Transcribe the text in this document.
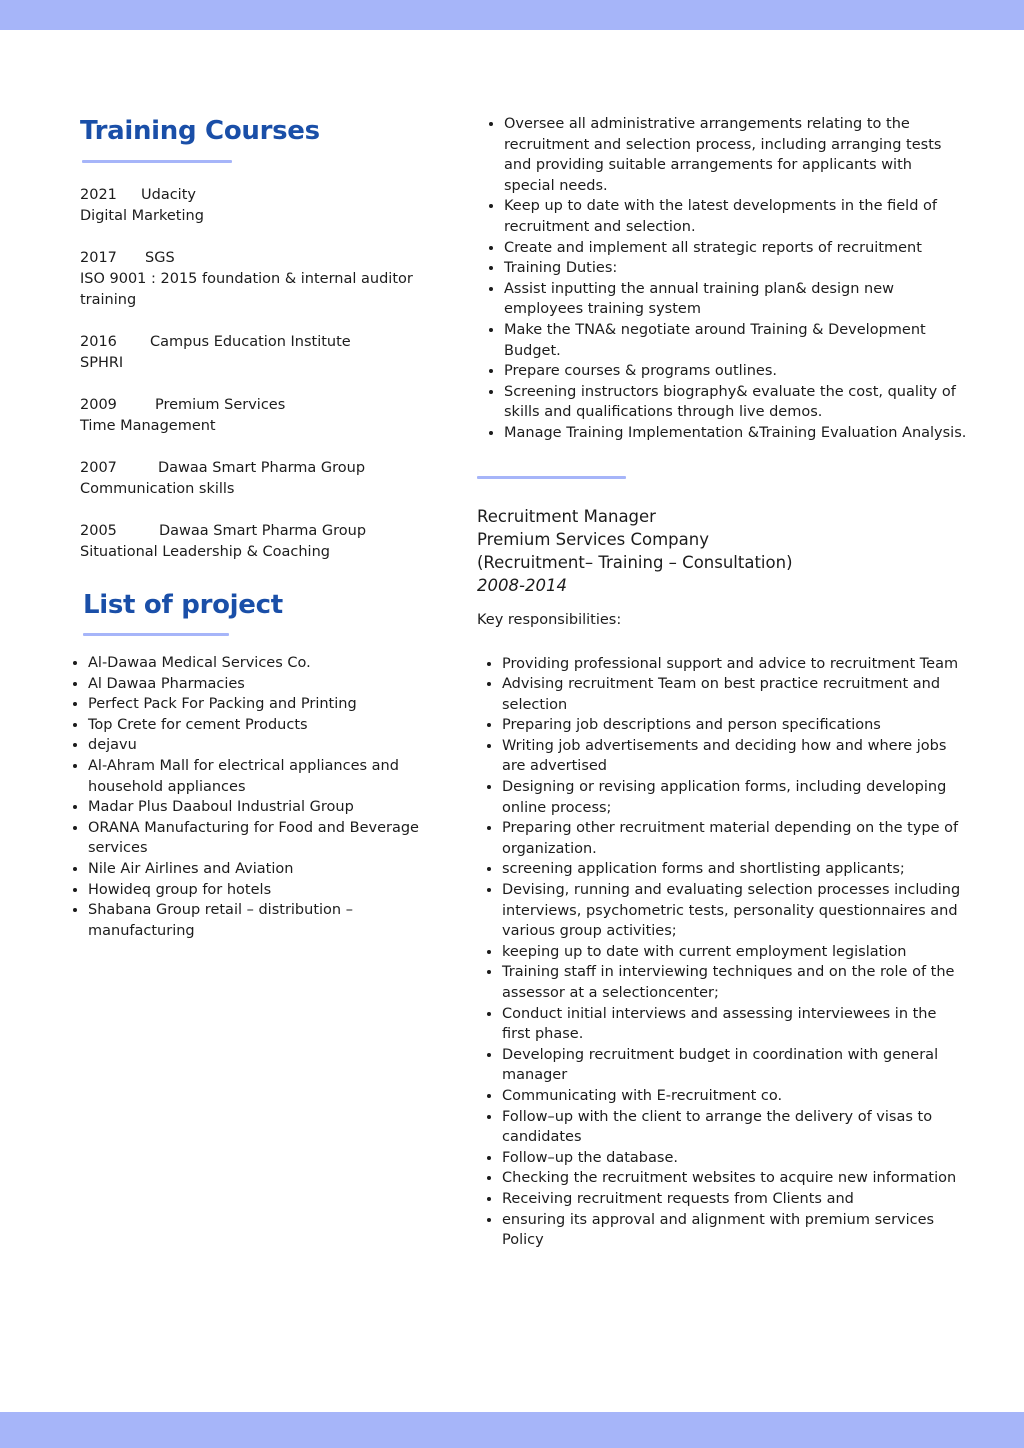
Training Courses
2021 Udacity
Digital Marketing
2017 SGS
ISO 9001 : 2015 foundation & internal auditor training
2016 Campus Education Institute
SPHRI
2009	Premium Services
Time Management
2007	Dawaa Smart Pharma Group
Communication skills
2005	Dawaa Smart Pharma Group
Situational Leadership & Coaching
List of project
• Al-Dawaa Medical Services Co.
• Al Dawaa Pharmacies
• Perfect Pack For Packing and Printing
• Top Crete for cement Products
• dejavu
• Al-Ahram Mall for electrical appliances and household appliances
• Madar Plus Daaboul Industrial Group
• ORANA Manufacturing for Food and Beverage services
• Nile Air Airlines and Aviation
• Howideq group for hotels
• Shabana Group retail – distribution – manufacturing
• Oversee all administrative arrangements relating to the recruitment and selection process, including arranging tests and providing suitable arrangements for applicants with special needs.
• Keep up to date with the latest developments in the field of recruitment and selection.
• Create and implement all strategic reports of recruitment
• Training Duties:
• Assist inputting the annual training plan& design new employees training system
• Make the TNA& negotiate around Training & Development Budget.
• Prepare courses & programs outlines.
• Screening instructors biography& evaluate the cost, quality of skills and qualifications through live demos.
• Manage Training Implementation &Training Evaluation Analysis.
Recruitment Manager
Premium Services Company
(Recruitment– Training – Consultation)
2008-2014
Key responsibilities:
• Providing professional support and advice to recruitment Team
• Advising recruitment Team on best practice recruitment and selection
• Preparing job descriptions and person specifications
• Writing job advertisements and deciding how and where jobs are advertised
• Designing or revising application forms, including developing online process;
• Preparing other recruitment material depending on the type of organization.
• screening application forms and shortlisting applicants;
• Devising, running and evaluating selection processes including interviews, psychometric tests, personality questionnaires and various group activities;
• keeping up to date with current employment legislation
• Training staff in interviewing techniques and on the role of the assessor at a selectioncenter;
• Conduct initial interviews and assessing interviewees in the first phase.
• Developing recruitment budget in coordination with general manager
• Communicating with E-recruitment co.
• Follow–up with the client to arrange the delivery of visas to candidates
• Follow–up the database.
• Checking the recruitment websites to acquire new information
• Receiving recruitment requests from Clients and
• ensuring its approval and alignment with premium services Policy
